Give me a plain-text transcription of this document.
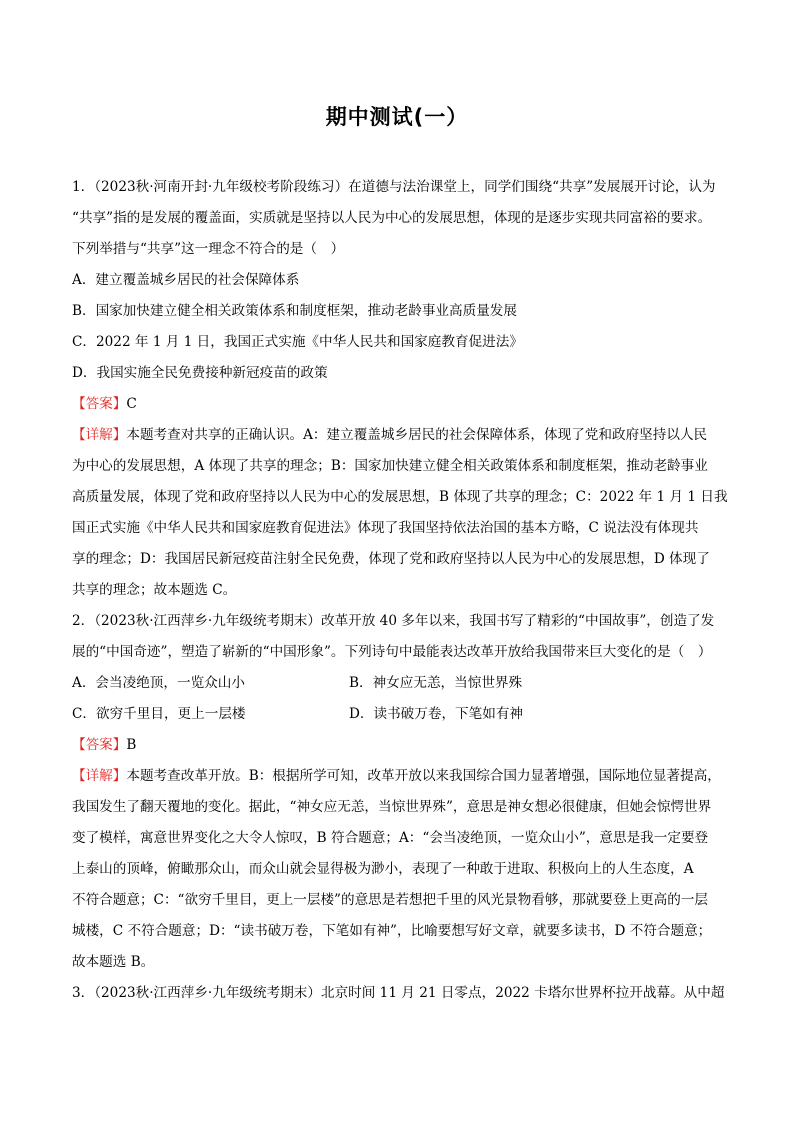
期中测试(一）
1．（2023秋·河南开封·九年级校考阶段练习）在道德与法治课堂上，同学们围绕“共享”发展展开讨论，认为
“共享”指的是发展的覆盖面，实质就是坚持以人民为中心的发展思想，体现的是逐步实现共同富裕的要求。
下列举措与“共享”这一理念不符合的是（　）
A．建立覆盖城乡居民的社会保障体系
B．国家加快建立健全相关政策体系和制度框架，推动老龄事业高质量发展
C．2022 年 1 月 1 日，我国正式实施《中华人民共和国家庭教育促进法》
D．我国实施全民免费接种新冠疫苗的政策
【答案】C
【详解】本题考查对共享的正确认识。A：建立覆盖城乡居民的社会保障体系，体现了党和政府坚持以人民
为中心的发展思想，A 体现了共享的理念；B：国家加快建立健全相关政策体系和制度框架，推动老龄事业
高质量发展，体现了党和政府坚持以人民为中心的发展思想，B 体现了共享的理念；C：2022 年 1 月 1 日我
国正式实施《中华人民共和国家庭教育促进法》体现了我国坚持依法治国的基本方略，C 说法没有体现共
享的理念；D：我国居民新冠疫苗注射全民免费，体现了党和政府坚持以人民为中心的发展思想，D 体现了
共享的理念；故本题选 C。
2．（2023秋·江西萍乡·九年级统考期末）改革开放 40 多年以来，我国书写了精彩的“中国故事”，创造了发
展的“中国奇迹”，塑造了崭新的“中国形象”。下列诗句中最能表达改革开放给我国带来巨大变化的是（　）
A．会当凌绝顶，一览众山小	B．神女应无恙，当惊世界殊
C．欲穷千里目，更上一层楼	D．读书破万卷，下笔如有神
【答案】B
【详解】本题考查改革开放。B：根据所学可知，改革开放以来我国综合国力显著增强，国际地位显著提高，
我国发生了翻天覆地的变化。据此，“神女应无恙，当惊世界殊”，意思是神女想必很健康，但她会惊愕世界
变了模样，寓意世界变化之大令人惊叹，B 符合题意；A：“会当凌绝顶，一览众山小”，意思是我一定要登
上泰山的顶峰，俯瞰那众山，而众山就会显得极为渺小，表现了一种敢于进取、积极向上的人生态度，A
不符合题意；C：“欲穷千里目，更上一层楼”的意思是若想把千里的风光景物看够，那就要登上更高的一层
城楼，C 不符合题意；D：“读书破万卷，下笔如有神”，比喻要想写好文章，就要多读书，D 不符合题意；
故本题选 B。
3．（2023秋·江西萍乡·九年级统考期末）北京时间 11 月 21 日零点，2022 卡塔尔世界杯拉开战幕。从中超
